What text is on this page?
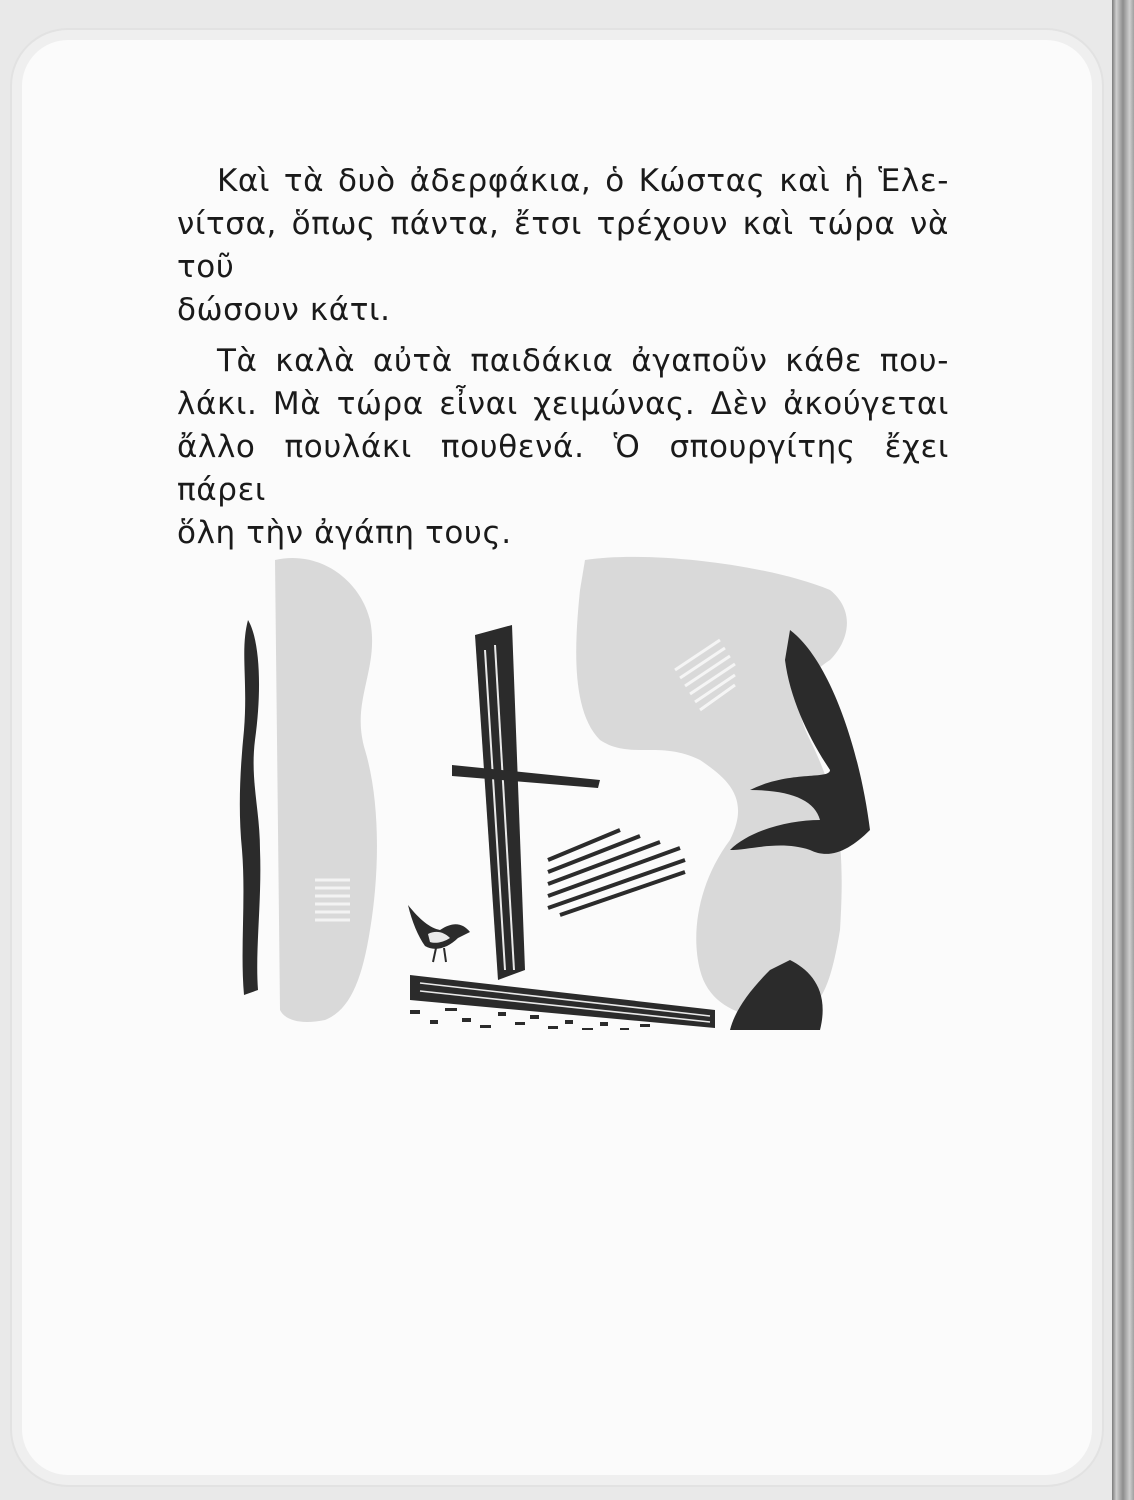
Καὶ τὰ δυὸ ἀδερφάκια, ὁ Κώστας καὶ ἡ Ἑλε-
νίτσα, ὅπως πάντα, ἔτσι τρέχουν καὶ τώρα νὰ τοῦ
δώσουν κάτι.

Τὰ καλὰ αὐτὰ παιδάκια ἀγαποῦν κάθε που-
λάκι. Μὰ τώρα εἶναι χειμώνας. Δὲν ἀκούγεται
ἄλλο πουλάκι πουθενά. Ὁ σπουργίτης ἔχει πάρει
ὅλη τὴν ἀγάπη τους.
